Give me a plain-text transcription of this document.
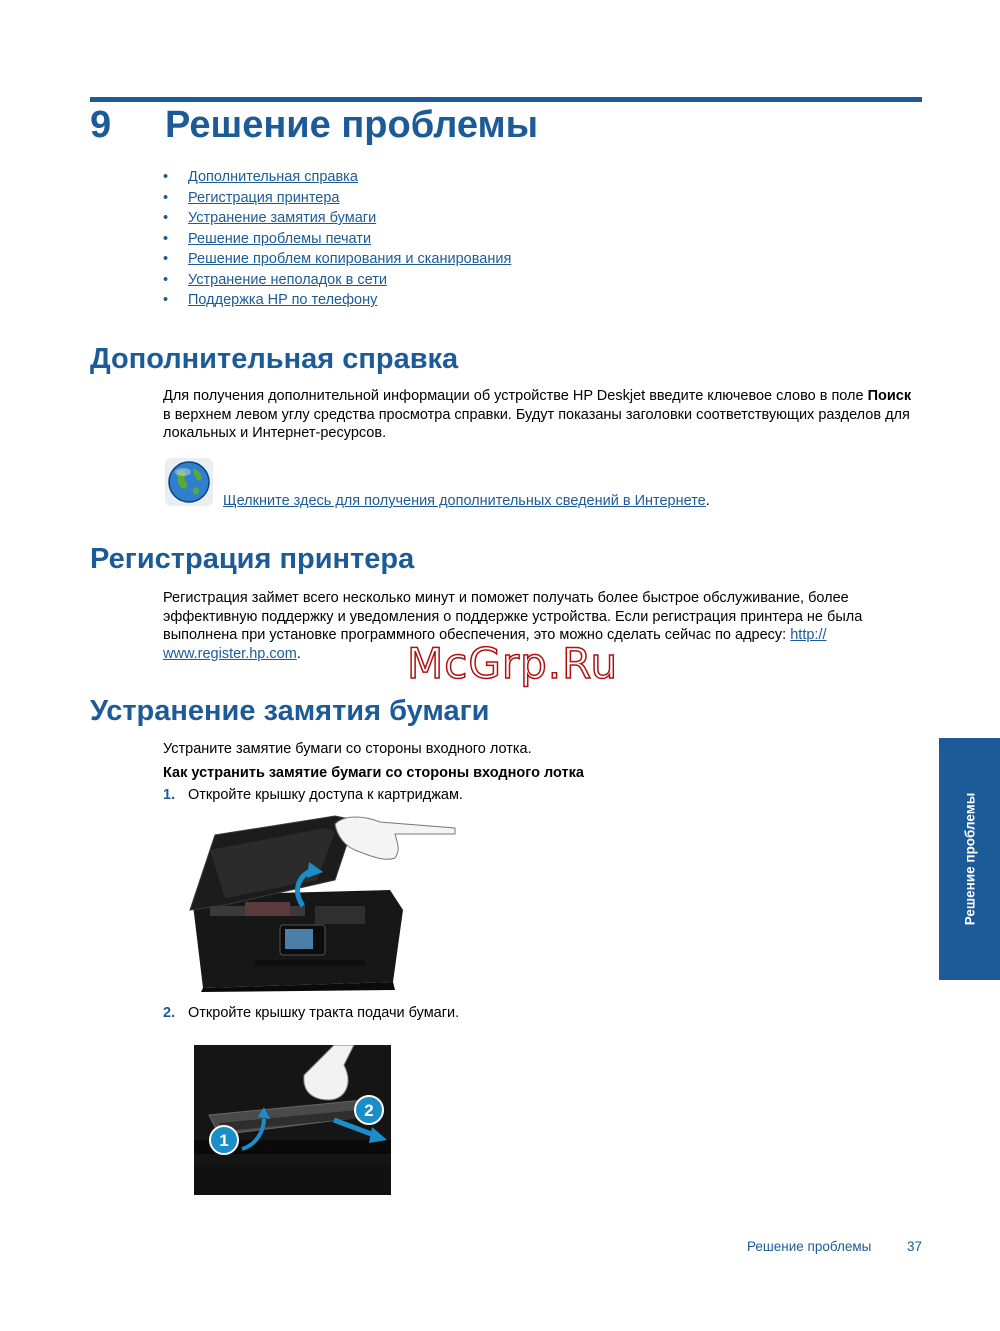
9 Решение проблемы
• Дополнительная справка
• Регистрация принтера
• Устранение замятия бумаги
• Решение проблемы печати
• Решение проблем копирования и сканирования
• Устранение неполадок в сети
• Поддержка HP по телефону
Дополнительная справка
Для получения дополнительной информации об устройстве HP Deskjet введите ключевое слово в поле Поиск в верхнем левом углу средства просмотра справки. Будут показаны заголовки соответствующих разделов для локальных и Интернет-ресурсов.
Щелкните здесь для получения дополнительных сведений в Интернете.
Регистрация принтера
Регистрация займет всего несколько минут и поможет получать более быстрое обслуживание, более эффективную поддержку и уведомления о поддержке устройства. Если регистрация принтера не была выполнена при установке программного обеспечения, это можно сделать сейчас по адресу: http://
www.register.hp.com.	McGrp.Ru
Устранение замятия бумаги
Устраните замятие бумаги со стороны входного лотка.
Как устранить замятие бумаги со стороны входного лотка
1. Откройте крышку доступа к картриджам.
2. Откройте крышку тракта подачи бумаги.
1
2
Решение проблемы
Решение проблемы	37
